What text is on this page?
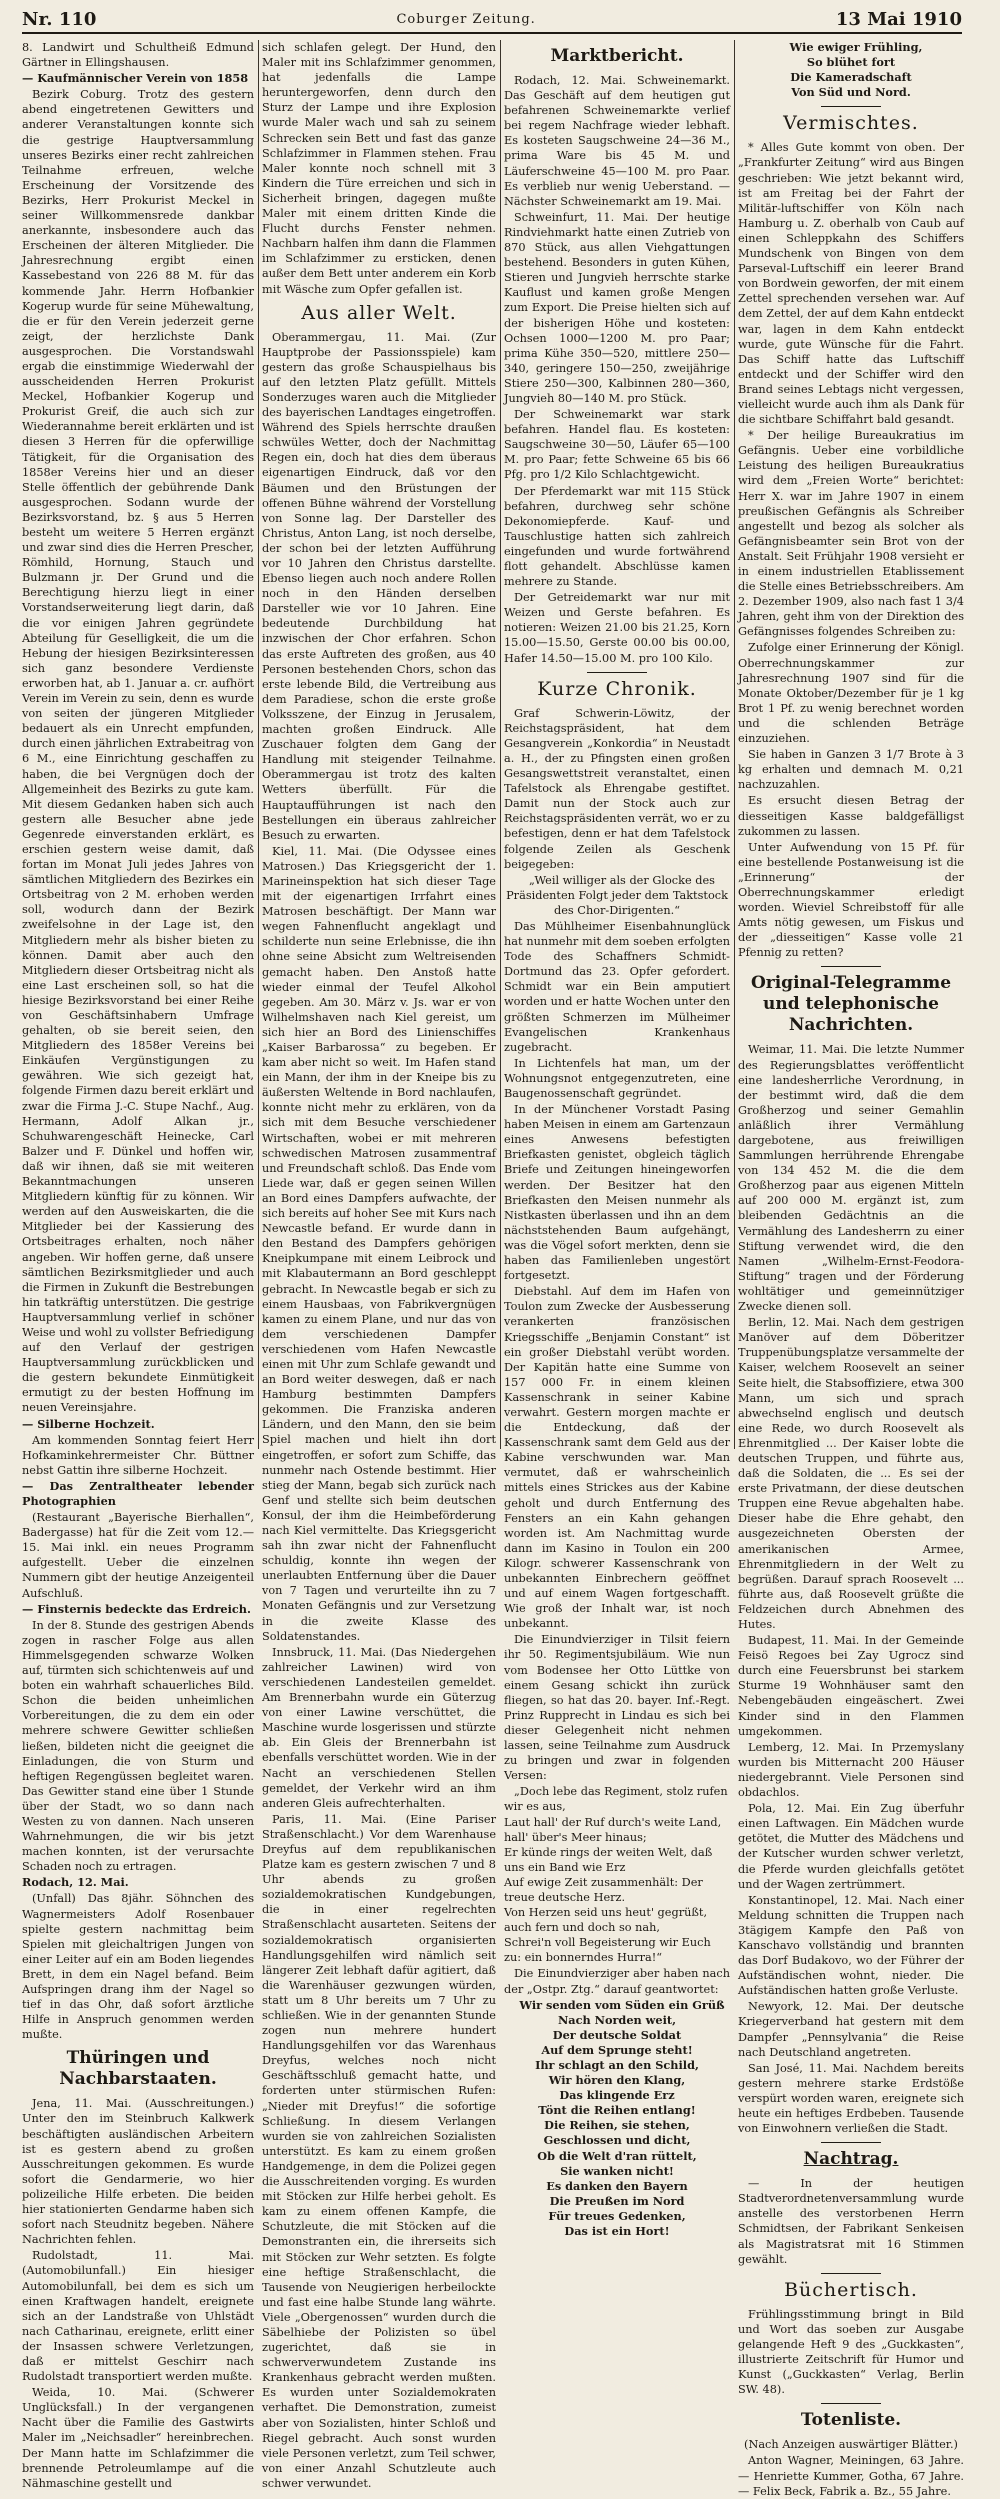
Nr. 110	Coburger Zeitung.	13 Mai 1910

8. Landwirt und Schultheiß Edmund Gärtner in Ellingshausen.

— Kaufmännischer Verein von 1858

Bezirk Coburg. Trotz des gestern abend eingetretenen Gewitters und anderer Veranstaltungen konnte sich die gestrige Hauptversammlung unseres Bezirks einer recht zahlreichen Teilnahme erfreuen, welche Erscheinung der Vorsitzende des Bezirks, Herr Prokurist Meckel in seiner Willkommensrede dankbar anerkannte, insbesondere auch das Erscheinen der älteren Mitglieder. Die Jahresrechnung ergibt einen Kassebestand von 226 88 M. für das kommende Jahr. Herrn Hofbankier Kogerup wurde für seine Mühewaltung, die er für den Verein jederzeit gerne zeigt, der herzlichste Dank ausgesprochen. Die Vorstandswahl ergab die einstimmige Wiederwahl der ausscheidenden Herren Prokurist Meckel, Hofbankier Kogerup und Prokurist Greif, die auch sich zur Wiederannahme bereit erklärten und ist diesen 3 Herren für die opferwillige Tätigkeit, für die Organisation des 1858er Vereins hier und an dieser Stelle öffentlich der gebührende Dank ausgesprochen. Sodann wurde der Bezirksvorstand, bz. § aus 5 Herren besteht um weitere 5 Herren ergänzt und zwar sind dies die Herren Prescher, Römhild, Hornung, Stauch und Bulzmann jr. Der Grund und die Berechtigung hierzu liegt in einer Vorstandserweiterung liegt darin, daß die vor einigen Jahren gegründete Abteilung für Geselligkeit, die um die Hebung der hiesigen Bezirksinteressen sich ganz besondere Verdienste erworben hat, ab 1. Januar a. cr. aufhört Verein im Verein zu sein, denn es wurde von seiten der jüngeren Mitglieder bedauert als ein Unrecht empfunden, durch einen jährlichen Extrabeitrag von 6 M., eine Einrichtung geschaffen zu haben, die bei Vergnügen doch der Allgemeinheit des Bezirks zu gute kam. Mit diesem Gedanken haben sich auch gestern alle Besucher abne jede Gegenrede einverstanden erklärt, es erschien gestern weise damit, daß fortan im Monat Juli jedes Jahres von sämtlichen Mitgliedern des Bezirkes ein Ortsbeitrag von 2 M. erhoben werden soll, wodurch dann der Bezirk zweifelsohne in der Lage ist, den Mitgliedern mehr als bisher bieten zu können. Damit aber auch den Mitgliedern dieser Ortsbeitrag nicht als eine Last erscheinen soll, so hat die hiesige Bezirksvorstand bei einer Reihe von Geschäftsinhabern Umfrage gehalten, ob sie bereit seien, den Mitgliedern des 1858er Vereins bei Einkäufen Vergünstigungen zu gewähren. Wie sich gezeigt hat, folgende Firmen dazu bereit erklärt und zwar die Firma J.-C. Stupe Nachf., Aug. Hermann, Adolf Alkan jr., Schuhwarengeschäft Heinecke, Carl Balzer und F. Dünkel und hoffen wir, daß wir ihnen, daß sie mit weiteren Bekanntmachungen unseren Mitgliedern künftig für zu können. Wir werden auf den Ausweiskarten, die die Mitglieder bei der Kassierung des Ortsbeitrages erhalten, noch näher angeben. Wir hoffen gerne, daß unsere sämtlichen Bezirksmitglieder und auch die Firmen in Zukunft die Bestrebungen hin tatkräftig unterstützen. Die gestrige Hauptversammlung verlief in schöner Weise und wohl zu vollster Befriedigung auf den Verlauf der gestrigen Hauptversammlung zurückblicken und die gestern bekundete Einmütigkeit ermutigt zu der besten Hoffnung im neuen Vereinsjahre.

— Silberne Hochzeit.

Am kommenden Sonntag feiert Herr Hofkaminkehrermeister Chr. Büttner nebst Gattin ihre silberne Hochzeit.

— Das Zentraltheater lebender Photographien

(Restaurant „Bayerische Bierhallen“, Badergasse) hat für die Zeit vom 12.—15. Mai inkl. ein neues Programm aufgestellt. Ueber die einzelnen Nummern gibt der heutige Anzeigenteil Aufschluß.

— Finsternis bedeckte das Erdreich.

In der 8. Stunde des gestrigen Abends zogen in rascher Folge aus allen Himmelsgegenden schwarze Wolken auf, türmten sich schichtenweis auf und boten ein wahrhaft schauerliches Bild. Schon die beiden unheimlichen Vorbereitungen, die zu dem ein oder mehrere schwere Gewitter schließen ließen, bildeten nicht die geeignet die Einladungen, die von Sturm und heftigen Regengüssen begleitet waren. Das Gewitter stand eine über 1 Stunde über der Stadt, wo so dann nach Westen zu von dannen. Nach unseren Wahrnehmungen, die wir bis jetzt machen konnten, ist der verursachte Schaden noch zu ertragen.

Rodach, 12. Mai.

(Unfall) Das 8jähr. Söhnchen des Wagnermeisters Adolf Rosenbauer spielte gestern nachmittag beim Spielen mit gleichaltrigen Jungen von einer Leiter auf ein am Boden liegendes Brett, in dem ein Nagel befand. Beim Aufspringen drang ihm der Nagel so tief in das Ohr, daß sofort ärztliche Hilfe in Anspruch genommen werden mußte.

Thüringen und Nachbarstaaten.

Jena, 11. Mai. (Ausschreitungen.) Unter den im Steinbruch Kalkwerk beschäftigten ausländischen Arbeitern ist es gestern abend zu großen Ausschreitungen gekommen. Es wurde sofort die Gendarmerie, wo hier polizeiliche Hilfe erbeten. Die beiden hier stationierten Gendarme haben sich sofort nach Steudnitz begeben. Nähere Nachrichten fehlen.

Rudolstadt, 11. Mai. (Automobilunfall.) Ein hiesiger Automobilunfall, bei dem es sich um einen Kraftwagen handelt, ereignete sich an der Landstraße von Uhlstädt nach Catharinau, ereignete, erlitt einer der Insassen schwere Verletzungen, daß er mittelst Geschirr nach Rudolstadt transportiert werden mußte.

Weida, 10. Mai. (Schwerer Unglücksfall.) In der vergangenen Nacht über die Familie des Gastwirts Maler im „Neichsadler“ hereinbrechen. Der Mann hatte im Schlafzimmer die brennende Petroleumlampe auf die Nähmaschine gestellt und

sich schlafen gelegt. Der Hund, den Maler mit ins Schlafzimmer genommen, hat jedenfalls die Lampe heruntergeworfen, denn durch den Sturz der Lampe und ihre Explosion wurde Maler wach und sah zu seinem Schrecken sein Bett und fast das ganze Schlafzimmer in Flammen stehen. Frau Maler konnte noch schnell mit 3 Kindern die Türe erreichen und sich in Sicherheit bringen, dagegen mußte Maler mit einem dritten Kinde die Flucht durchs Fenster nehmen. Nachbarn halfen ihm dann die Flammen im Schlafzimmer zu ersticken, denen außer dem Bett unter anderem ein Korb mit Wäsche zum Opfer gefallen ist.

Aus aller Welt.

Oberammergau, 11. Mai. (Zur Hauptprobe der Passionsspiele) kam gestern das große Schauspielhaus bis auf den letzten Platz gefüllt. Mittels Sonderzuges waren auch die Mitglieder des bayerischen Landtages eingetroffen. Während des Spiels herrschte draußen schwüles Wetter, doch der Nachmittag Regen ein, doch hat dies dem überaus eigenartigen Eindruck, daß vor den Bäumen und den Brüstungen der offenen Bühne während der Vorstellung von Sonne lag. Der Darsteller des Christus, Anton Lang, ist noch derselbe, der schon bei der letzten Aufführung vor 10 Jahren den Christus darstellte. Ebenso liegen auch noch andere Rollen noch in den Händen derselben Darsteller wie vor 10 Jahren. Eine bedeutende Durchbildung hat inzwischen der Chor erfahren. Schon das erste Auftreten des großen, aus 40 Personen bestehenden Chors, schon das erste lebende Bild, die Vertreibung aus dem Paradiese, schon die erste große Volksszene, der Einzug in Jerusalem, machten großen Eindruck. Alle Zuschauer folgten dem Gang der Handlung mit steigender Teilnahme. Oberammergau ist trotz des kalten Wetters überfüllt. Für die Hauptaufführungen ist nach den Bestellungen ein überaus zahlreicher Besuch zu erwarten.

Kiel, 11. Mai. (Die Odyssee eines Matrosen.) Das Kriegsgericht der 1. Marineinspektion hat sich dieser Tage mit der eigenartigen Irrfahrt eines Matrosen beschäftigt. Der Mann war wegen Fahnenflucht angeklagt und schilderte nun seine Erlebnisse, die ihn ohne seine Absicht zum Weltreisenden gemacht haben. Den Anstoß hatte wieder einmal der Teufel Alkohol gegeben. Am 30. März v. Js. war er von Wilhelmshaven nach Kiel gereist, um sich hier an Bord des Linienschiffes „Kaiser Barbarossa“ zu begeben. Er kam aber nicht so weit. Im Hafen stand ein Mann, der ihm in der Kneipe bis zu äußersten Weltende in Bord nachlaufen, konnte nicht mehr zu erklären, von da sich mit dem Besuche verschiedener Wirtschaften, wobei er mit mehreren schwedischen Matrosen zusammentraf und Freundschaft schloß. Das Ende vom Liede war, daß er gegen seinen Willen an Bord eines Dampfers aufwachte, der sich bereits auf hoher See mit Kurs nach Newcastle befand. Er wurde dann in den Bestand des Dampfers gehörigen Kneipkumpane mit einem Leibrock und mit Klabautermann an Bord geschleppt gebracht. In Newcastle begab er sich zu einem Hausbaas, von Fabrikvergnügen kamen zu einem Plane, und nur das von dem verschiedenen Dampfer verschiedenen vom Hafen Newcastle einen mit Uhr zum Schlafe gewandt und an Bord weiter deswegen, daß er nach Hamburg bestimmten Dampfers gekommen. Die Franziska anderen Ländern, und den Mann, den sie beim Spiel machen und hielt ihn dort eingetroffen, er sofort zum Schiffe, das nunmehr nach Ostende bestimmt. Hier stieg der Mann, begab sich zurück nach Genf und stellte sich beim deutschen Konsul, der ihm die Heimbeförderung nach Kiel vermittelte. Das Kriegsgericht sah ihn zwar nicht der Fahnenflucht schuldig, konnte ihn wegen der unerlaubten Entfernung über die Dauer von 7 Tagen und verurteilte ihn zu 7 Monaten Gefängnis und zur Versetzung in die zweite Klasse des Soldatenstandes.

Innsbruck, 11. Mai. (Das Niedergehen zahlreicher Lawinen) wird von verschiedenen Landesteilen gemeldet. Am Brennerbahn wurde ein Güterzug von einer Lawine verschüttet, die Maschine wurde losgerissen und stürzte ab. Ein Gleis der Brennerbahn ist ebenfalls verschüttet worden. Wie in der Nacht an verschiedenen Stellen gemeldet, der Verkehr wird an ihm anderen Gleis aufrechterhalten.

Paris, 11. Mai. (Eine Pariser Straßenschlacht.) Vor dem Warenhause Dreyfus auf dem republikanischen Platze kam es gestern zwischen 7 und 8 Uhr abends zu großen sozialdemokratischen Kundgebungen, die in einer regelrechten Straßenschlacht ausarteten. Seitens der sozialdemokratisch organisierten Handlungsgehilfen wird nämlich seit längerer Zeit lebhaft dafür agitiert, daß die Warenhäuser gezwungen würden, statt um 8 Uhr bereits um 7 Uhr zu schließen. Wie in der genannten Stunde zogen nun mehrere hundert Handlungsgehilfen vor das Warenhaus Dreyfus, welches noch nicht Geschäftsschluß gemacht hatte, und forderten unter stürmischen Rufen: „Nieder mit Dreyfus!“ die sofortige Schließung. In diesem Verlangen wurden sie von zahlreichen Sozialisten unterstützt. Es kam zu einem großen Handgemenge, in dem die Polizei gegen die Ausschreitenden vorging. Es wurden mit Stöcken zur Hilfe herbei geholt. Es kam zu einem offenen Kampfe, die Schutzleute, die mit Stöcken auf die Demonstranten ein, die ihrerseits sich mit Stöcken zur Wehr setzten. Es folgte eine heftige Straßenschlacht, die Tausende von Neugierigen herbeilockte und fast eine halbe Stunde lang währte. Viele „Obergenossen“ wurden durch die Säbelhiebe der Polizisten so übel zugerichtet, daß sie in schwerverwundetem Zustande ins Krankenhaus gebracht werden mußten. Es wurden unter Sozialdemokraten verhaftet. Die Demonstration, zumeist aber von Sozialisten, hinter Schloß und Riegel gebracht. Auch sonst wurden viele Personen verletzt, zum Teil schwer, von einer Anzahl Schutzleute auch schwer verwundet.

Marktbericht.

Rodach, 12. Mai. Schweinemarkt. Das Geschäft auf dem heutigen gut befahrenen Schweinemarkte verlief bei regem Nachfrage wieder lebhaft. Es kosteten Saugschweine 24—36 M., prima Ware bis 45 M. und Läuferschweine 45—100 M. pro Paar. Es verblieb nur wenig Ueberstand. — Nächster Schweinemarkt am 19. Mai.

Schweinfurt, 11. Mai. Der heutige Rindviehmarkt hatte einen Zutrieb von 870 Stück, aus allen Viehgattungen bestehend. Besonders in guten Kühen, Stieren und Jungvieh herrschte starke Kauflust und kamen große Mengen zum Export. Die Preise hielten sich auf der bisherigen Höhe und kosteten: Ochsen 1000—1200 M. pro Paar; prima Kühe 350—520, mittlere 250—340, geringere 150—250, zweijährige Stiere 250—300, Kalbinnen 280—360, Jungvieh 80—140 M. pro Stück.

Der Schweinemarkt war stark befahren. Handel flau. Es kosteten: Saugschweine 30—50, Läufer 65—100 M. pro Paar; fette Schweine 65 bis 66 Pfg. pro 1/2 Kilo Schlachtgewicht.

Der Pferdemarkt war mit 115 Stück befahren, durchweg sehr schöne Dekonomiepferde. Kauf- und Tauschlustige hatten sich zahlreich eingefunden und wurde fortwährend flott gehandelt. Abschlüsse kamen mehrere zu Stande.

Der Getreidemarkt war nur mit Weizen und Gerste befahren. Es notieren: Weizen 21.00 bis 21.25, Korn 15.00—15.50, Gerste 00.00 bis 00.00, Hafer 14.50—15.00 M. pro 100 Kilo.

Kurze Chronik.

Graf Schwerin-Löwitz, der Reichstagspräsident, hat dem Gesangverein „Konkordia“ in Neustadt a. H., der zu Pfingsten einen großen Gesangswettstreit veranstaltet, einen Tafelstock als Ehrengabe gestiftet. Damit nun der Stock auch zur Reichstagspräsidenten verrät, wo er zu befestigen, denn er hat dem Tafelstock folgende Zeilen als Geschenk beigegeben:

„Weil williger als der Glocke des Präsidenten Folgt jeder dem Taktstock des Chor-Dirigenten.“

Das Mühlheimer Eisenbahnunglück hat nunmehr mit dem soeben erfolgten Tode des Schaffners Schmidt-Dortmund das 23. Opfer gefordert. Schmidt war ein Bein amputiert worden und er hatte Wochen unter den größten Schmerzen im Mülheimer Evangelischen Krankenhaus zugebracht.

In Lichtenfels hat man, um der Wohnungsnot entgegenzutreten, eine Baugenossenschaft gegründet.

In der Münchener Vorstadt Pasing haben Meisen in einem am Gartenzaun eines Anwesens befestigten Briefkasten genistet, obgleich täglich Briefe und Zeitungen hineingeworfen werden. Der Besitzer hat den Briefkasten den Meisen nunmehr als Nistkasten überlassen und ihn an dem nächststehenden Baum aufgehängt, was die Vögel sofort merkten, denn sie haben das Familienleben ungestört fortgesetzt.

Diebstahl. Auf dem im Hafen von Toulon zum Zwecke der Ausbesserung verankerten französischen Kriegsschiffe „Benjamin Constant“ ist ein großer Diebstahl verübt worden. Der Kapitän hatte eine Summe von 157 000 Fr. in einem kleinen Kassenschrank in seiner Kabine verwahrt. Gestern morgen machte er die Entdeckung, daß der Kassenschrank samt dem Geld aus der Kabine verschwunden war. Man vermutet, daß er wahrscheinlich mittels eines Strickes aus der Kabine geholt und durch Entfernung des Fensters an ein Kahn gehangen worden ist. Am Nachmittag wurde dann im Kasino in Toulon ein 200 Kilogr. schwerer Kassenschrank von unbekannten Einbrechern geöffnet und auf einem Wagen fortgeschafft. Wie groß der Inhalt war, ist noch unbekannt.

Die Einundvierziger in Tilsit feiern ihr 50. Regimentsjubiläum. Wie nun vom Bodensee her Otto Lüttke von einem Gesang schickt ihn zurück fliegen, so hat das 20. bayer. Inf.-Regt. Prinz Rupprecht in Lindau es sich bei dieser Gelegenheit nicht nehmen lassen, seine Teilnahme zum Ausdruck zu bringen und zwar in folgenden Versen:

„Doch lebe das Regiment, stolz rufen wir es aus,
Laut hall' der Ruf durch's weite Land, hall' über's Meer hinaus;
Er künde rings der weiten Welt, daß uns ein Band wie Erz
Auf ewige Zeit zusammenhält: Der treue deutsche Herz.
Von Herzen seid uns heut' gegrüßt, auch fern und doch so nah,
Schrei'n voll Begeisterung wir Euch zu: ein bonnerndes Hurra!“

Die Einundvierziger aber haben nach der „Ostpr. Ztg.“ darauf geantwortet:

Wir senden vom Süden ein Grüß
Nach Norden weit,
Der deutsche Soldat
Auf dem Sprunge steht!
Ihr schlagt an den Schild,
Wir hören den Klang,
Das klingende Erz
Tönt die Reihen entlang!
Die Reihen, sie stehen,
Geschlossen und dicht,
Ob die Welt d'ran rüttelt,
Sie wanken nicht!
Es danken den Bayern
Die Preußen im Nord
Für treues Gedenken,
Das ist ein Hort!

Wie ewiger Frühling,
So blühet fort
Die Kameradschaft
Von Süd und Nord.

Vermischtes.

* Alles Gute kommt von oben. Der „Frankfurter Zeitung“ wird aus Bingen geschrieben: Wie jetzt bekannt wird, ist am Freitag bei der Fahrt der Militär-luftschiffer von Köln nach Hamburg u. Z. oberhalb von Caub auf einen Schleppkahn des Schiffers Mundschenk von Bingen von dem Parseval-Luftschiff ein leerer Brand von Bordwein geworfen, der mit einem Zettel sprechenden versehen war. Auf dem Zettel, der auf dem Kahn entdeckt war, lagen in dem Kahn entdeckt wurde, gute Wünsche für die Fahrt. Das Schiff hatte das Luftschiff entdeckt und der Schiffer wird den Brand seines Lebtags nicht vergessen, vielleicht wurde auch ihm als Dank für die sichtbare Schiffahrt bald gesandt.

* Der heilige Bureaukratius im Gefängnis. Ueber eine vorbildliche Leistung des heiligen Bureaukratius wird dem „Freien Worte“ berichtet: Herr X. war im Jahre 1907 in einem preußischen Gefängnis als Schreiber angestellt und bezog als solcher als Gefängnisbeamter sein Brot von der Anstalt. Seit Frühjahr 1908 versieht er in einem industriellen Etablissement die Stelle eines Betriebsschreibers. Am 2. Dezember 1909, also nach fast 1 3/4 Jahren, geht ihm von der Direktion des Gefängnisses folgendes Schreiben zu:

Zufolge einer Erinnerung der Königl. Oberrechnungskammer zur Jahresrechnung 1907 sind für die Monate Oktober/Dezember für je 1 kg Brot 1 Pf. zu wenig berechnet worden und die schlenden Beträge einzuziehen.

Sie haben in Ganzen 3 1/7 Brote à 3 kg erhalten und demnach M. 0,21 nachzuzahlen.

Es ersucht diesen Betrag der diesseitigen Kasse baldgefälligst zukommen zu lassen.

Unter Aufwendung von 15 Pf. für eine bestellende Postanweisung ist die „Erinnerung“ der Oberrechnungskammer erledigt worden. Wieviel Schreibstoff für alle Amts nötig gewesen, um Fiskus und der „diesseitigen“ Kasse volle 21 Pfennig zu retten?

Original-Telegramme und telephonische Nachrichten.

Weimar, 11. Mai. Die letzte Nummer des Regierungsblattes veröffentlicht eine landesherrliche Verordnung, in der bestimmt wird, daß die dem Großherzog und seiner Gemahlin anläßlich ihrer Vermählung dargebotene, aus freiwilligen Sammlungen herrührende Ehrengabe von 134 452 M. die die dem Großherzog paar aus eigenen Mitteln auf 200 000 M. ergänzt ist, zum bleibenden Gedächtnis an die Vermählung des Landesherrn zu einer Stiftung verwendet wird, die den Namen „Wilhelm-Ernst-Feodora-Stiftung“ tragen und der Förderung wohltätiger und gemeinnütziger Zwecke dienen soll.

Berlin, 12. Mai. Nach dem gestrigen Manöver auf dem Döberitzer Truppenübungsplatze versammelte der Kaiser, welchem Roosevelt an seiner Seite hielt, die Stabsoffiziere, etwa 300 Mann, um sich und sprach abwechselnd englisch und deutsch eine Rede, wo durch Roosevelt als Ehrenmitglied ... Der Kaiser lobte die deutschen Truppen, und führte aus, daß die Soldaten, die ... Es sei der erste Privatmann, der diese deutschen Truppen eine Revue abgehalten habe. Dieser habe die Ehre gehabt, den ausgezeichneten Obersten der amerikanischen Armee, Ehrenmitgliedern in der Welt zu begrüßen. Darauf sprach Roosevelt ... führte aus, daß Roosevelt grüßte die Feldzeichen durch Abnehmen des Hutes.

Budapest, 11. Mai. In der Gemeinde Feisö Regoes bei Zay Ugrocz sind durch eine Feuersbrunst bei starkem Sturme 19 Wohnhäuser samt den Nebengebäuden eingeäschert. Zwei Kinder sind in den Flammen umgekommen.

Lemberg, 12. Mai. In Przemyslany wurden bis Mitternacht 200 Häuser niedergebrannt. Viele Personen sind obdachlos.

Pola, 12. Mai. Ein Zug überfuhr einen Laftwagen. Ein Mädchen wurde getötet, die Mutter des Mädchens und der Kutscher wurden schwer verletzt, die Pferde wurden gleichfalls getötet und der Wagen zertrümmert.

Konstantinopel, 12. Mai. Nach einer Meldung schnitten die Truppen nach 3tägigem Kampfe den Paß von Kanschavo vollständig und brannten das Dorf Budakovo, wo der Führer der Aufständischen wohnt, nieder. Die Aufständischen hatten große Verluste.

Newyork, 12. Mai. Der deutsche Kriegerverband hat gestern mit dem Dampfer „Pennsylvania“ die Reise nach Deutschland angetreten.

San José, 11. Mai. Nachdem bereits gestern mehrere starke Erdstöße verspürt worden waren, ereignete sich heute ein heftiges Erdbeben. Tausende von Einwohnern verließen die Stadt.

Nachtrag.

— In der heutigen Stadtverordnetenversammlung wurde anstelle des verstorbenen Herrn Schmidtsen, der Fabrikant Senkeisen als Magistratsrat mit 16 Stimmen gewählt.

Büchertisch.

Frühlingsstimmung bringt in Bild und Wort das soeben zur Ausgabe gelangende Heft 9 des „Guckkasten“, illustrierte Zeitschrift für Humor und Kunst („Guckkasten“ Verlag, Berlin SW. 48).

Totenliste.

(Nach Anzeigen auswärtiger Blätter.)

Anton Wagner, Meiningen, 63 Jahre. — Henriette Kummer, Gotha, 67 Jahre. — Felix Beck, Fabrik a. Bz., 55 Jahre.
